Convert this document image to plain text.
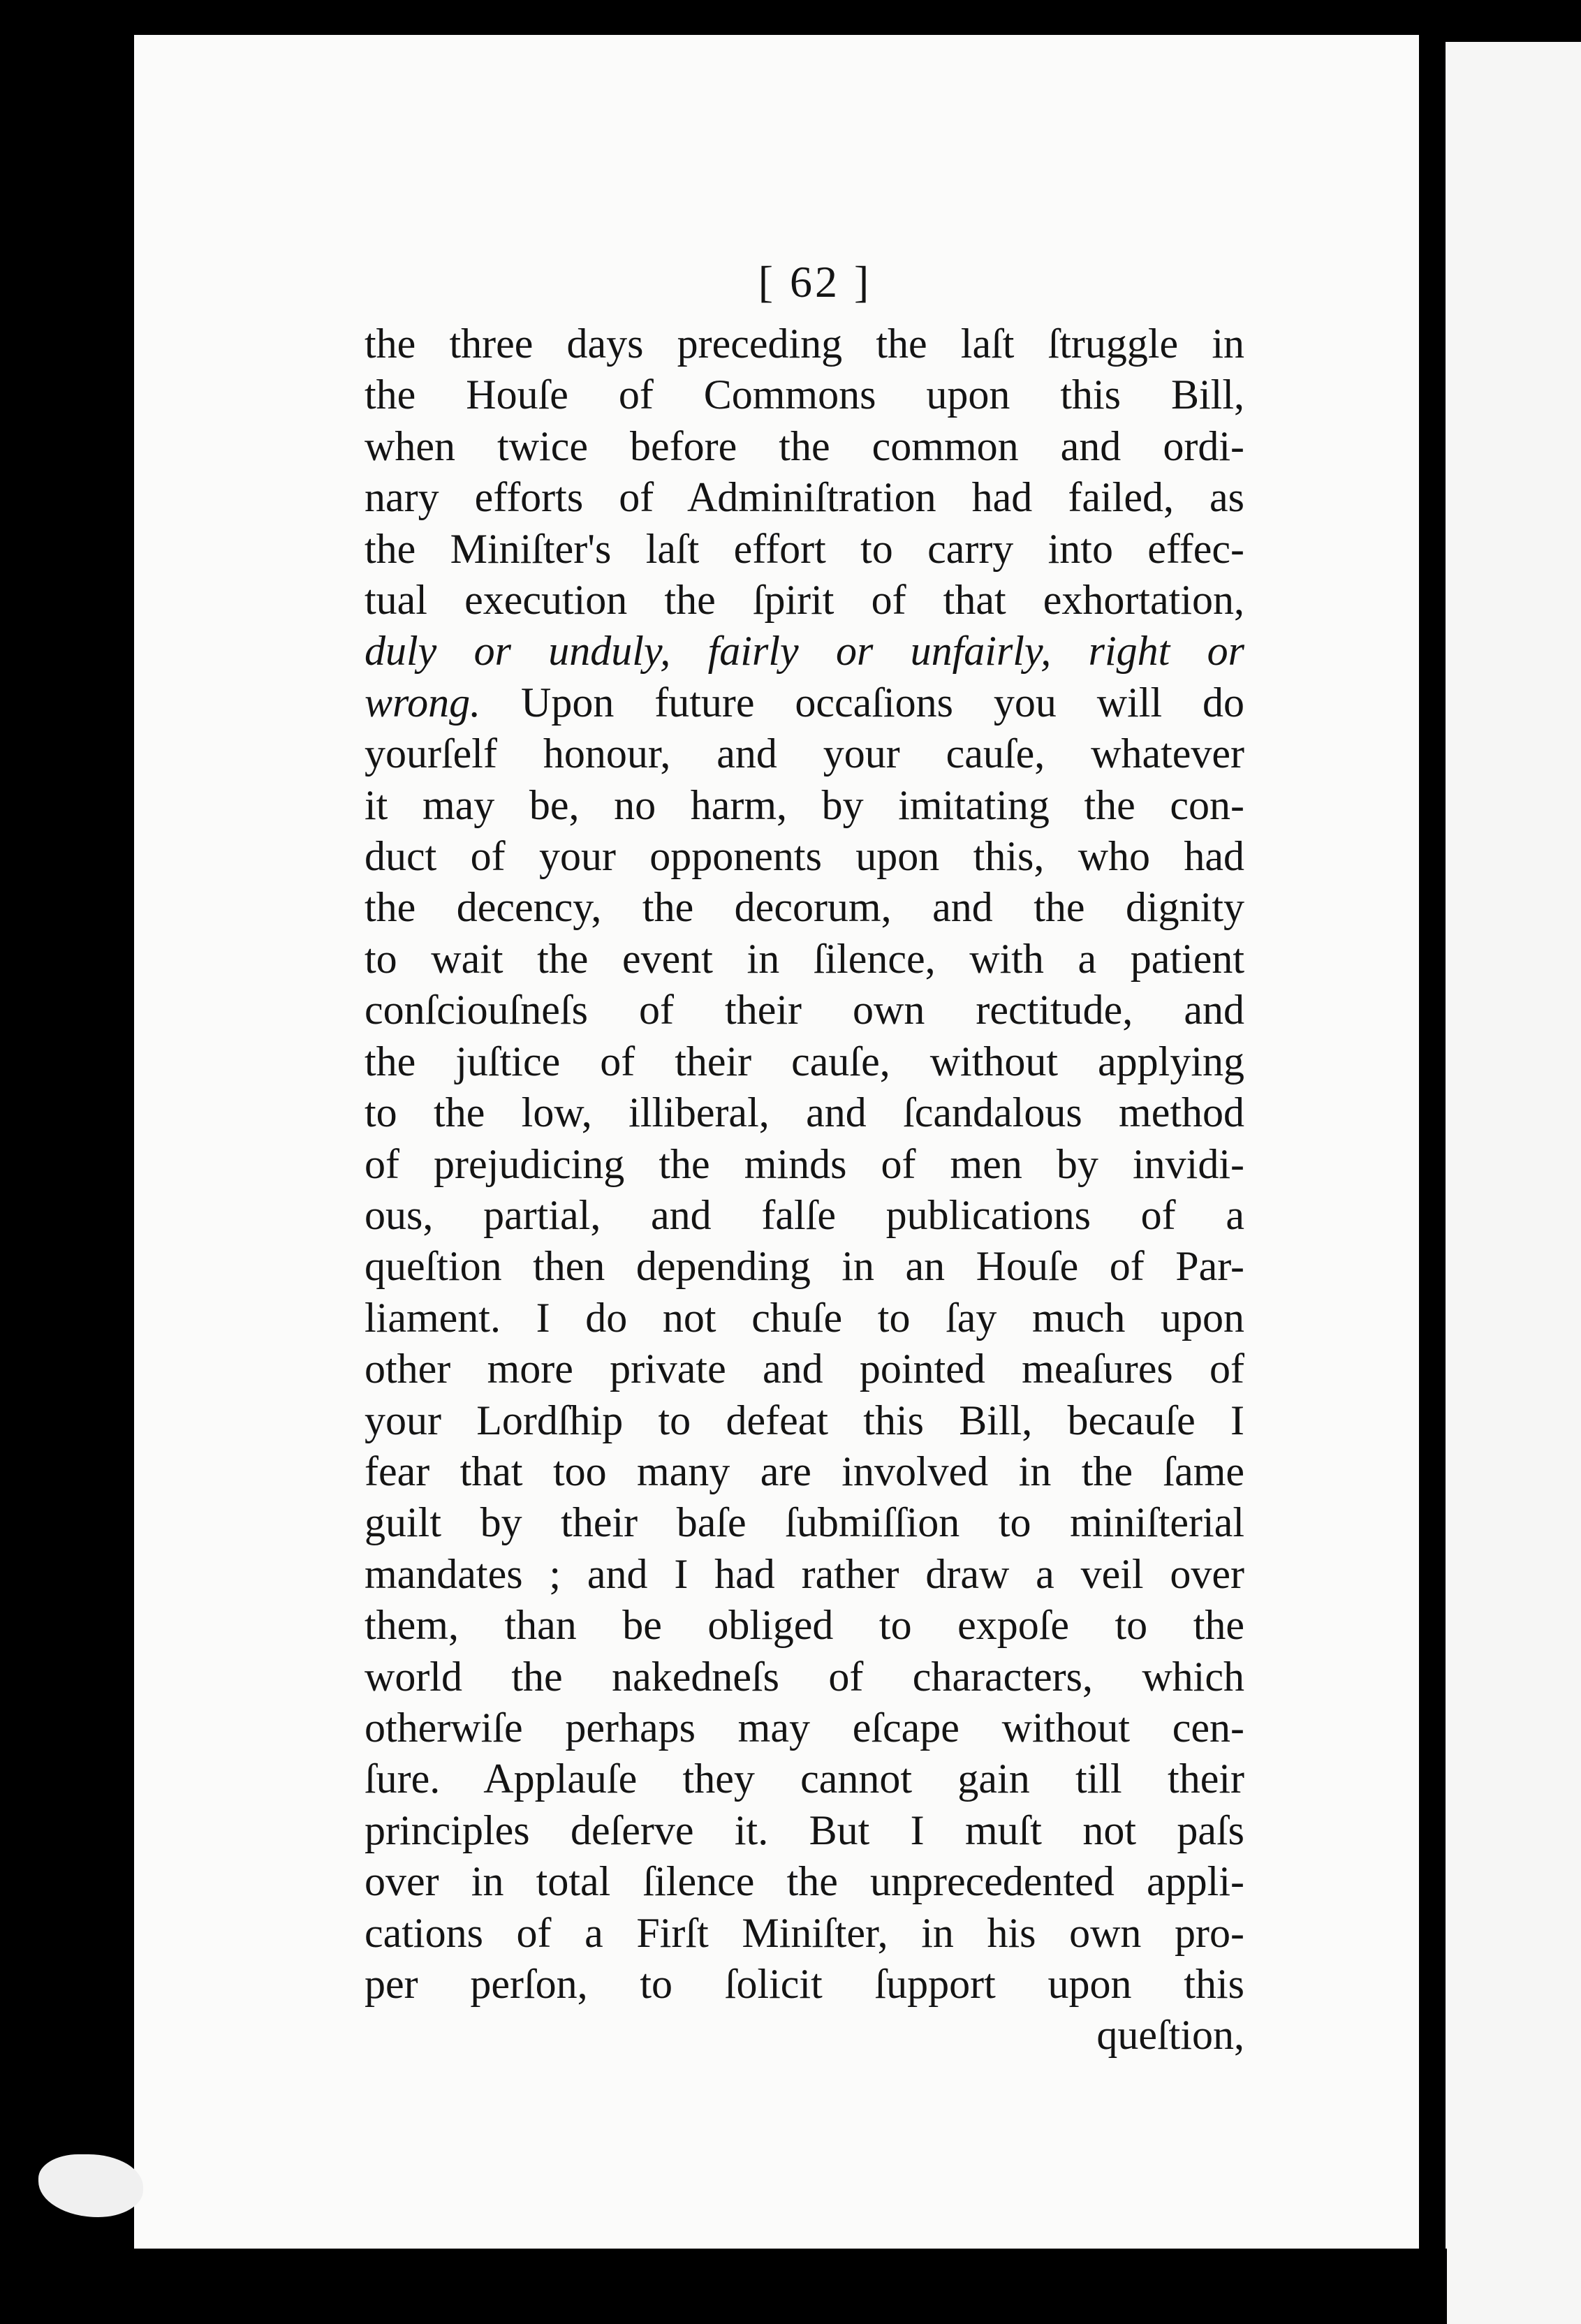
[ 62 ]
the three days preceding the laſt ſtruggle in
the Houſe of Commons upon this Bill,
when twice before the common and ordi-
nary efforts of Adminiſtration had failed, as
the Miniſter's laſt effort to carry into effec-
tual execution the ſpirit of that exhortation,
duly or unduly, fairly or unfairly, right or
wrong. Upon future occaſions you will do
yourſelf honour, and your cauſe, whatever
it may be, no harm, by imitating the con-
duct of your opponents upon this, who had
the decency, the decorum, and the dignity
to wait the event in ſilence, with a patient
conſciouſneſs of their own rectitude, and
the juſtice of their cauſe, without applying
to the low, illiberal, and ſcandalous method
of prejudicing the minds of men by invidi-
ous, partial, and falſe publications of a
queſtion then depending in an Houſe of Par-
liament. I do not chuſe to ſay much upon
other more private and pointed meaſures of
your Lordſhip to defeat this Bill, becauſe I
fear that too many are involved in the ſame
guilt by their baſe ſubmiſſion to miniſterial
mandates ; and I had rather draw a veil over
them, than be obliged to expoſe to the
world the nakedneſs of characters, which
otherwiſe perhaps may eſcape without cen-
ſure. Applauſe they cannot gain till their
principles deſerve it. But I muſt not paſs
over in total ſilence the unprecedented appli-
cations of a Firſt Miniſter, in his own pro-
per perſon, to ſolicit ſupport upon this
queſtion,
